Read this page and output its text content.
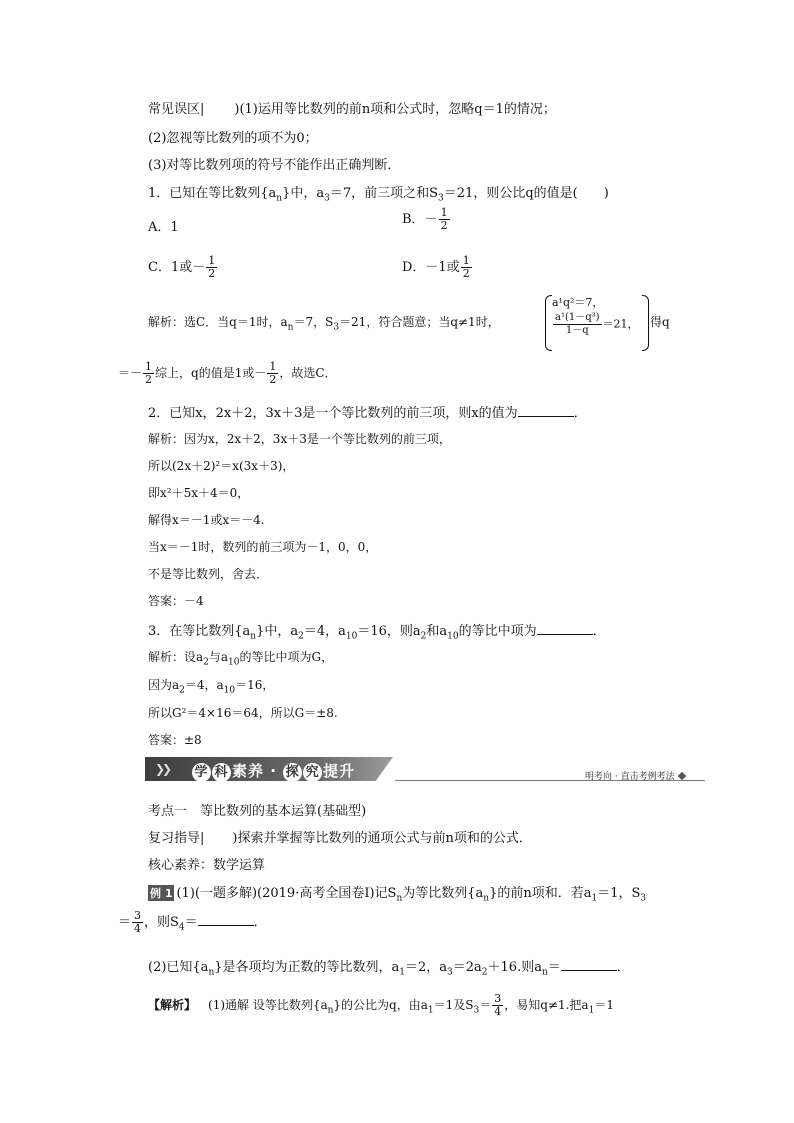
常见误区| )(1)运用等比数列的前n项和公式时，忽略q＝1的情况；
(2)忽视等比数列的项不为0；
(3)对等比数列项的符号不能作出正确判断．
1．已知在等比数列$\{a_n\}$中，$a_3=7$，前三项之和$S_3=21$，则公比q的值是(　　)
A．1
B．－ $\frac{1}{2}$
C．1或－ $\frac{1}{2}$	D．－1或 $\frac{1}{2}$
解析：选C．当q＝1时，$a_n=7$，$S_3=21$，符合题意；当q≠1时，
a¹q²＝7，
$\frac{\text{a¹(1－q³)}}{1-q} =21$， 得q
＝－ $\frac{1}{2}$ 综上，q的值是1或－ $\frac{1}{2}$ ，故选C．
2．已知x，2x＋2，3x＋3是一个等比数列的前三项，则x的值为	．
解析：因为x，2x＋2，3x＋3是一个等比数列的前三项，
所以(2x＋2)²＝x(3x＋3)，
即x²＋5x＋4＝0，
解得x＝－1或x＝－4.
当x＝－1时，数列的前三项为－1，0，0，
不是等比数列，舍去．
答案：－4
3．在等比数列$\{a_n\}$中，$a_2=4$，$a_{10}=16$，则$a_2$和$a_{10}$的等比中项为	．
解析：设$a_2$与$a_{10}$的等比中项为G，
因为$a_2=4$，$a_{10}=16$，
所以G²＝4×16＝64，所以G＝±8.
答案：±8
❯❯ 学 科 素养 · 探 究 提升	明考向 · 直击考例考法
考点一　等比数列的基本运算(基础型)
复习指导| )探索并掌握等比数列的通项公式与前n项和的公式．
核心素养：数学运算
例 1 (1)(一题多解)(2019·高考全国卷Ⅰ)记$S_n$为等比数列$\{a_n\}$的前n项和．若$a_1=1$，$S_3$
＝ $\frac{3}{4}$ ，则$S_4=$	．
(2)已知$\{a_n\}$是各项均为正数的等比数列，$a_1=2$，$a_3=2a_2+16$.则$a_n=$	．
【解析】 (1)通解 设等比数列$\{a_n\}$的公比为q，由$a_1=1$及$S_3= \frac{3}{4}$ ，易知q≠1.把$a_1=1$
